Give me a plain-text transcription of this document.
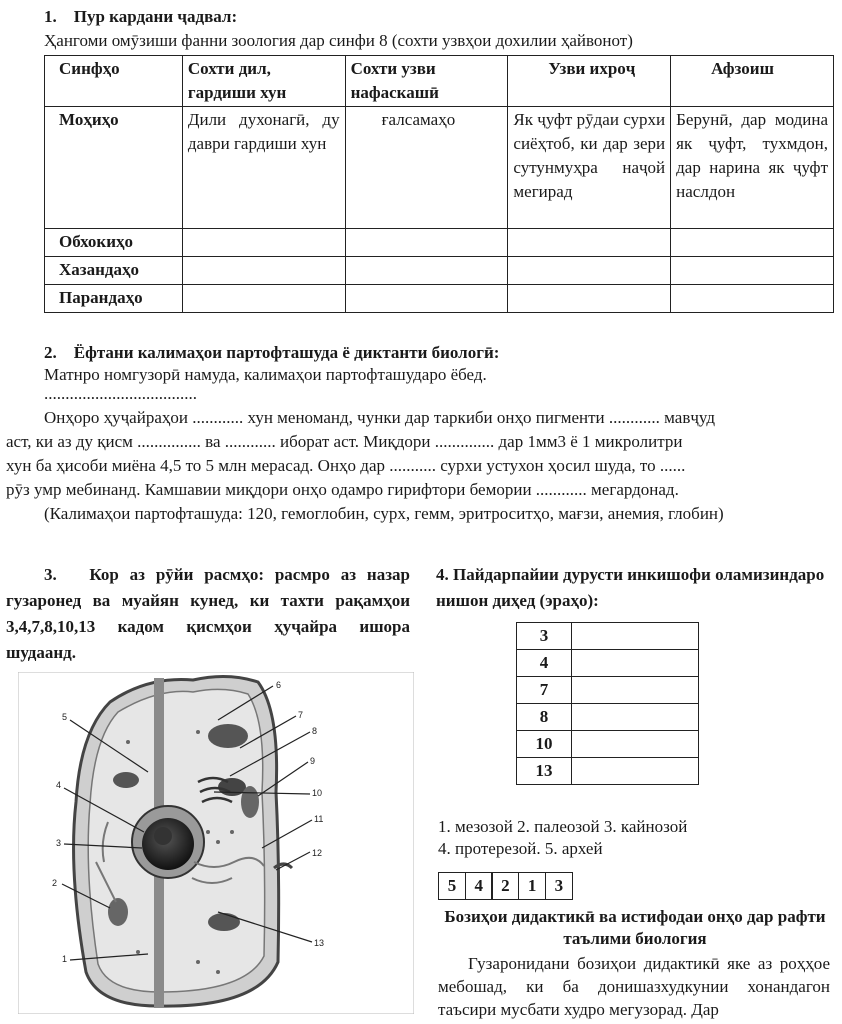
1. Пур кардани ҷадвал:
Ҳангоми омӯзиши фанни зоология дар синфи 8 (сохти узвҳои дохилии ҳайвонот)
Синфҳо	Сохти дил, гардиши хун	Сохти узви нафаскашӣ	Узви ихроҷ	Афзоиш
Моҳиҳо	Дили духонагӣ, ду даври гардиши хун	ғалсамаҳо	Як ҷуфт рӯдаи сурхи сиёҳтоб, ки дар зери сутунмуҳра наҷой мегирад	Берунӣ, дар модина як ҷуфт, тухмдон, дар нарина як ҷуфт наслдон
Обхокиҳо				
Хазандаҳо				
Парандаҳо				
2. Ёфтани калимаҳои партофташуда ё диктанти биологӣ:
Матнро номгузорӣ намуда, калимаҳои партофташударо ёбед.
....................................
Онҳоро ҳуҷайраҳои ............ хун меноманд, чунки дар таркиби онҳо пигменти ............ мавҷуд
аст, ки аз ду қисм ............... ва ............ иборат аст. Миқдори .............. дар 1мм3 ё 1 микролитри
хун ба ҳисоби миёна 4,5 то 5 млн мерасад. Онҳо дар ........... сурхи устухон ҳосил шуда, то ......
рӯз умр мебинанд. Камшавии миқдори онҳо одамро гирифтори бемории ............ мегардонад.
(Калимаҳои партофташуда: 120, гемоглобин, сурх, гемм, эритроситҳо, мағзи, анемия, глобин)
3. Кор аз рӯйи расмҳо: расмро аз назар гузаронед ва муайян кунед, ки тахти рақамҳои 3,4,7,8,10,13 кадом қисмҳои ҳуҷайра ишора шудаанд.
6
7
8
9
10
11
12
13
5
4
3
2
1
4. Пайдарпайии дурусти инкишофи оламизиндаро нишон диҳед (эраҳо):
3	
4	
7	
8	
10	
13	
1. мезозой 2. палеозой 3. кайнозой
4. протерезой. 5. архей
5 4 2 1 3
Бозиҳои дидактикӣ ва истифодаи онҳо дар рафти таълими биология
Гузаронидани бозиҳои дидактикӣ яке аз роҳҳое мебошад, ки ба донишазхудкунии хонандагон таъсири мусбати худро мегузорад. Дар
